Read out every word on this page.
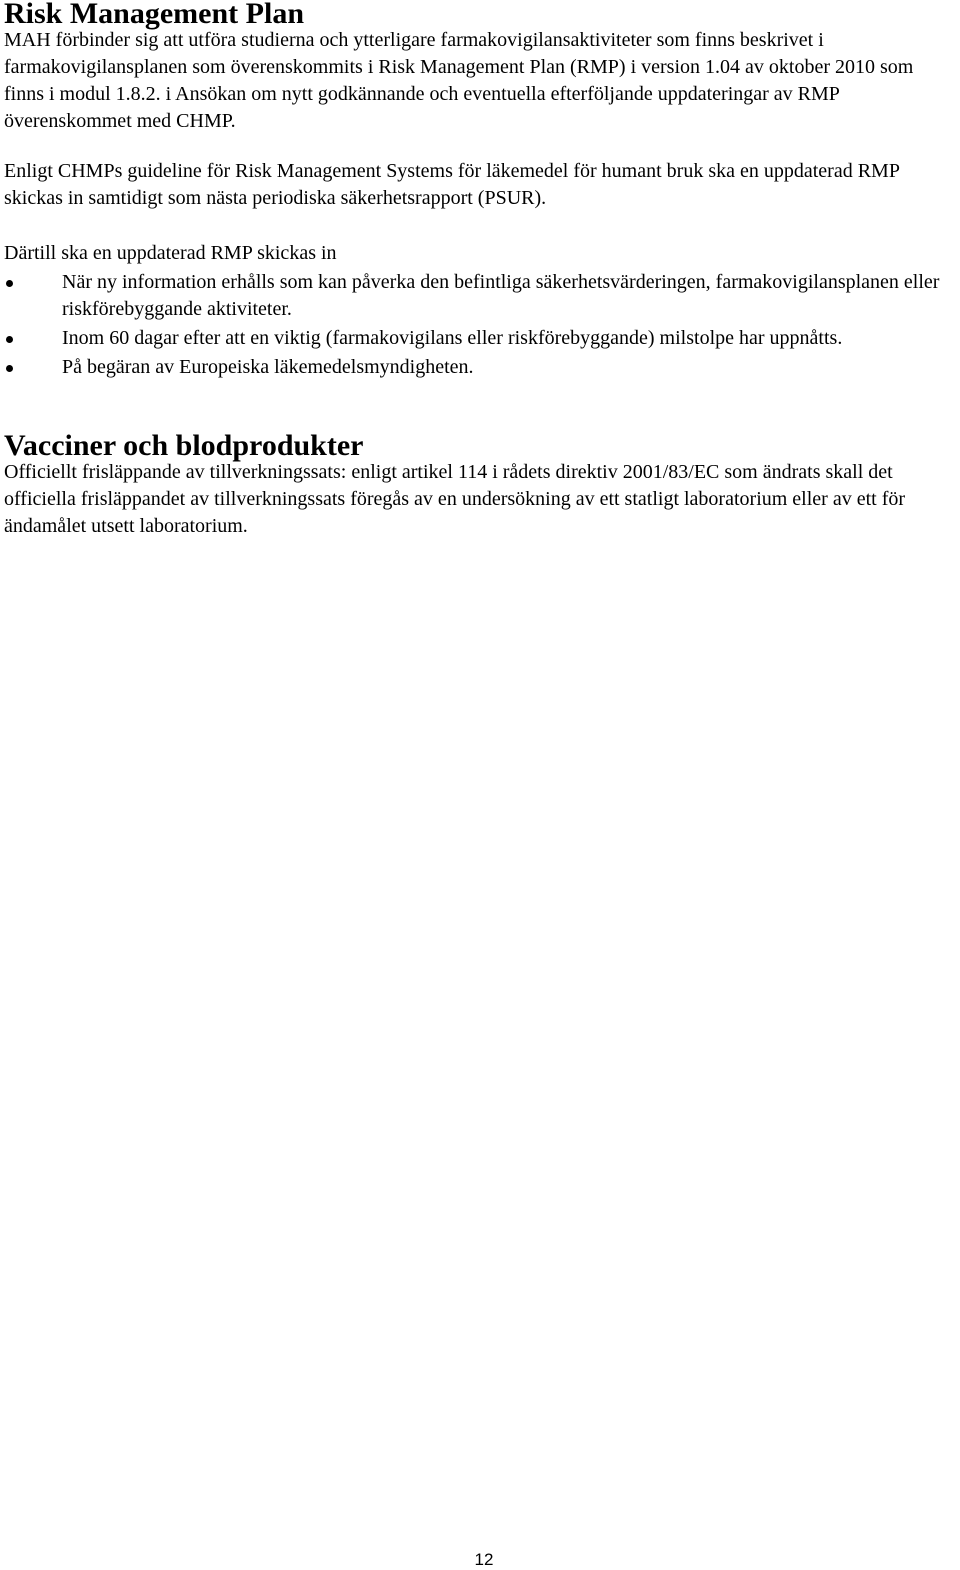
Risk Management Plan

MAH förbinder sig att utföra studierna och ytterligare farmakovigilansaktiviteter som finns beskrivet i farmakovigilansplanen som överenskommits i Risk Management Plan (RMP) i version 1.04 av oktober 2010 som finns i modul 1.8.2. i Ansökan om nytt godkännande och eventuella efterföljande uppdateringar av RMP överenskommet med CHMP.

Enligt CHMPs guideline för Risk Management Systems för läkemedel för humant bruk ska en uppdaterad RMP skickas in samtidigt som nästa periodiska säkerhetsrapport (PSUR).

Därtill ska en uppdaterad RMP skickas in

När ny information erhålls som kan påverka den befintliga säkerhetsvärderingen, farmakovigilansplanen eller riskförebyggande aktiviteter.
Inom 60 dagar efter att en viktig (farmakovigilans eller riskförebyggande) milstolpe har uppnåtts.
På begäran av Europeiska läkemedelsmyndigheten.
Vacciner och blodprodukter

Officiellt frisläppande av tillverkningssats: enligt artikel 114 i rådets direktiv 2001/83/EC som ändrats skall det officiella frisläppandet av tillverkningssats föregås av en undersökning av ett statligt laboratorium eller av ett för ändamålet utsett laboratorium.

12
